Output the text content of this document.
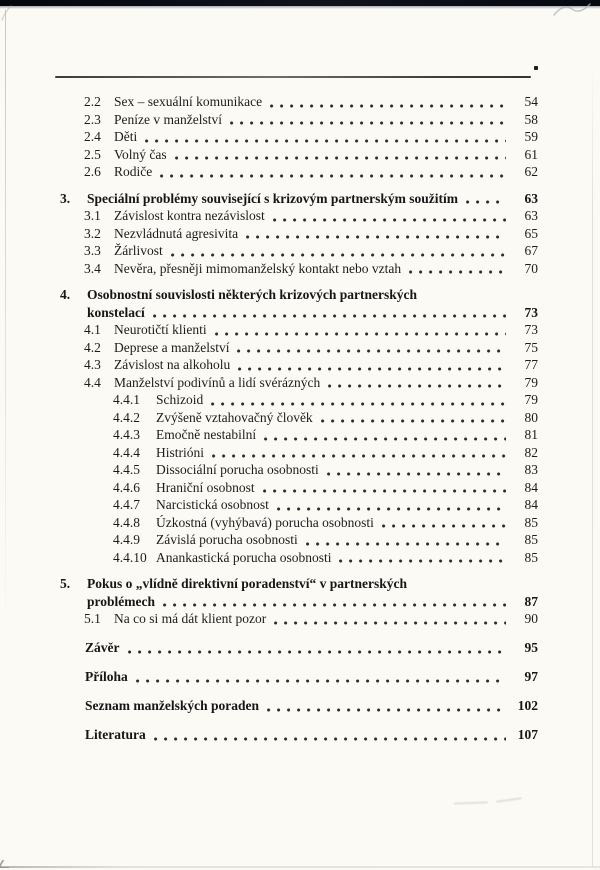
2.2 Sex – sexuální komunikace	54
2.3 Peníze v manželství	58
2.4 Děti	59
2.5 Volný čas	61
2.6 Rodiče	62
3.	Speciální problémy související s krizovým partnerským soužitím	63
3.1 Závislost kontra nezávislost	63
3.2 Nezvládnutá agresivita	65
3.3 Žárlivost	67
3.4 Nevěra, přesněji mimomanželský kontakt nebo vztah	70
4.	Osobnostní souvislosti některých krizových partnerských
konstelací	73
4.1 Neurotičtí klienti	73
4.2 Deprese a manželství	75
4.3 Závislost na alkoholu	77
4.4 Manželství podivínů a lidí svérázných	79
4.4.1	Schizoid	79
4.4.2	Zvýšeně vztahovačný člověk	80
4.4.3	Emočně nestabilní	81
4.4.4	Histrióni	82
4.4.5	Dissociální porucha osobnosti	83
4.4.6	Hraniční osobnost	84
4.4.7	Narcistická osobnost	84
4.4.8	Úzkostná (vyhýbavá) porucha osobnosti	85
4.4.9	Závislá porucha osobnosti	85
4.4.10 Anankastická porucha osobnosti	85
5.	Pokus o „vlídně direktivní poradenství“ v partnerských
problémech	87
5.1 Na co si má dát klient pozor	90
Závěr	95
Příloha	97
Seznam manželských poraden	102
Literatura	107
